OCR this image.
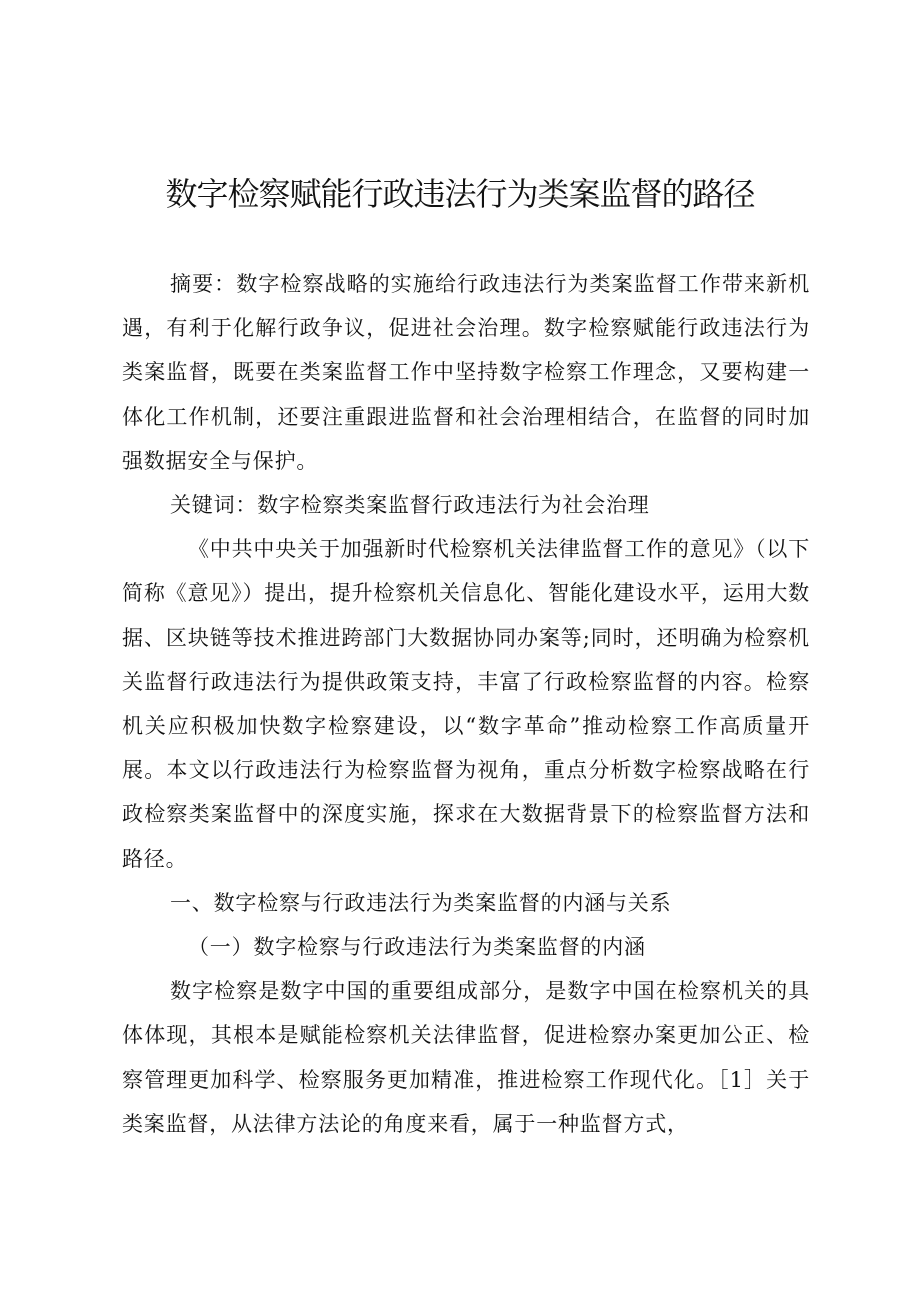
数字检察赋能行政违法行为类案监督的路径

摘要：数字检察战略的实施给行政违法行为类案监督工作带来新机遇，有利于化解行政争议，促进社会治理。数字检察赋能行政违法行为类案监督，既要在类案监督工作中坚持数字检察工作理念，又要构建一体化工作机制，还要注重跟进监督和社会治理相结合，在监督的同时加强数据安全与保护。

关键词：数字检察类案监督行政违法行为社会治理

《中共中央关于加强新时代检察机关法律监督工作的意见》（以下简称《意见》）提出，提升检察机关信息化、智能化建设水平，运用大数据、区块链等技术推进跨部门大数据协同办案等;同时，还明确为检察机关监督行政违法行为提供政策支持，丰富了行政检察监督的内容。检察机关应积极加快数字检察建设，以“数字革命”推动检察工作高质量开展。本文以行政违法行为检察监督为视角，重点分析数字检察战略在行政检察类案监督中的深度实施，探求在大数据背景下的检察监督方法和路径。

一、数字检察与行政违法行为类案监督的内涵与关系

（一）数字检察与行政违法行为类案监督的内涵

数字检察是数字中国的重要组成部分，是数字中国在检察机关的具体体现，其根本是赋能检察机关法律监督，促进检察办案更加公正、检察管理更加科学、检察服务更加精准，推进检察工作现代化。［1］关于类案监督，从法律方法论的角度来看，属于一种监督方式，
